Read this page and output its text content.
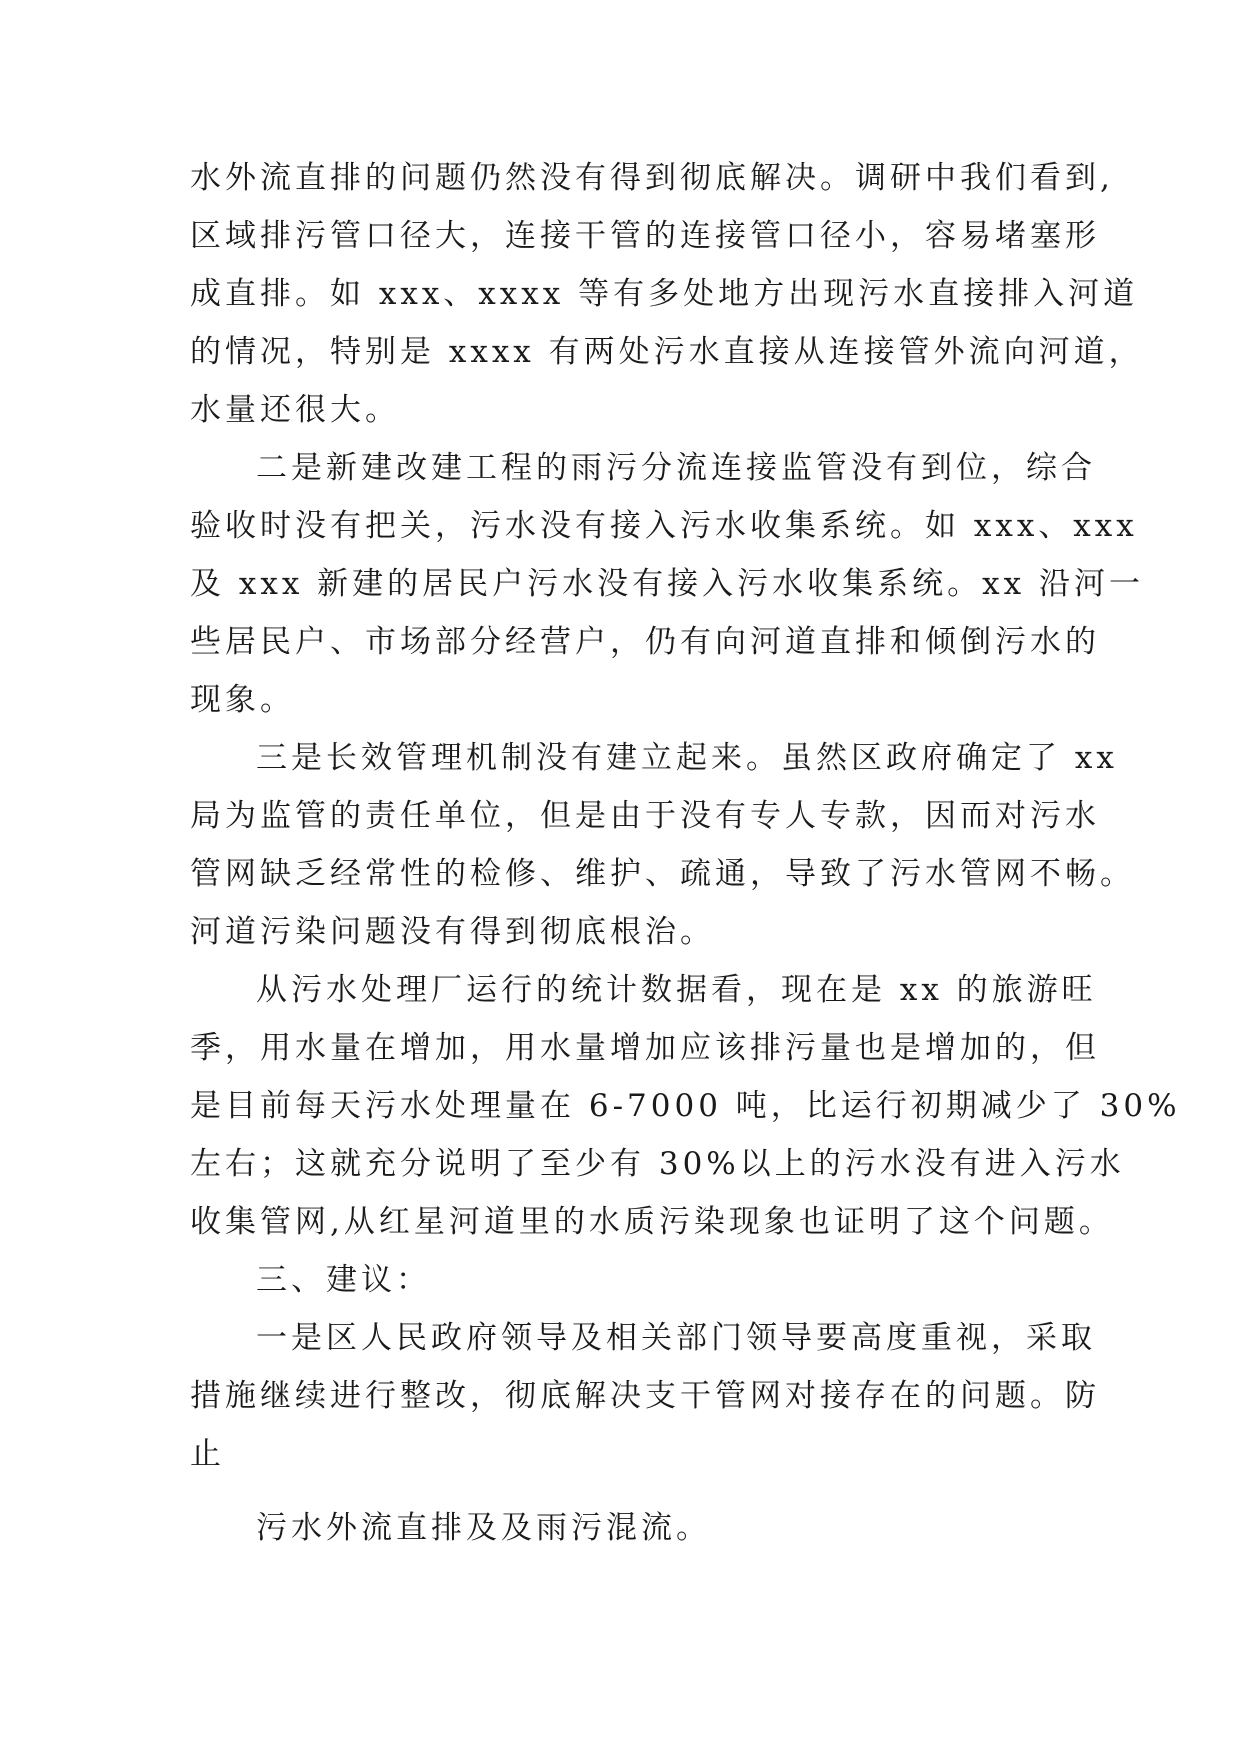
水外流直排的问题仍然没有得到彻底解决。调研中我们看到,

区域排污管口径大，连接干管的连接管口径小，容易堵塞形

成直排。如 xxx、xxxx 等有多处地方出现污水直接排入河道

的情况，特别是 xxxx 有两处污水直接从连接管外流向河道，

水量还很大。

二是新建改建工程的雨污分流连接监管没有到位，综合

验收时没有把关，污水没有接入污水收集系统。如 xxx、xxx

及 xxx 新建的居民户污水没有接入污水收集系统。xx 沿河一

些居民户、市场部分经营户，仍有向河道直排和倾倒污水的

现象。

三是长效管理机制没有建立起来。虽然区政府确定了 xx

局为监管的责任单位，但是由于没有专人专款，因而对污水

管网缺乏经常性的检修、维护、疏通，导致了污水管网不畅。

河道污染问题没有得到彻底根治。

从污水处理厂运行的统计数据看，现在是 xx 的旅游旺

季，用水量在增加，用水量增加应该排污量也是增加的，但

是目前每天污水处理量在 6-7000 吨，比运行初期减少了 30%

左右；这就充分说明了至少有 30%以上的污水没有进入污水

收集管网,从红星河道里的水质污染现象也证明了这个问题。

三、建议：

一是区人民政府领导及相关部门领导要高度重视，采取

措施继续进行整改，彻底解决支干管网对接存在的问题。防

止

污水外流直排及及雨污混流。
